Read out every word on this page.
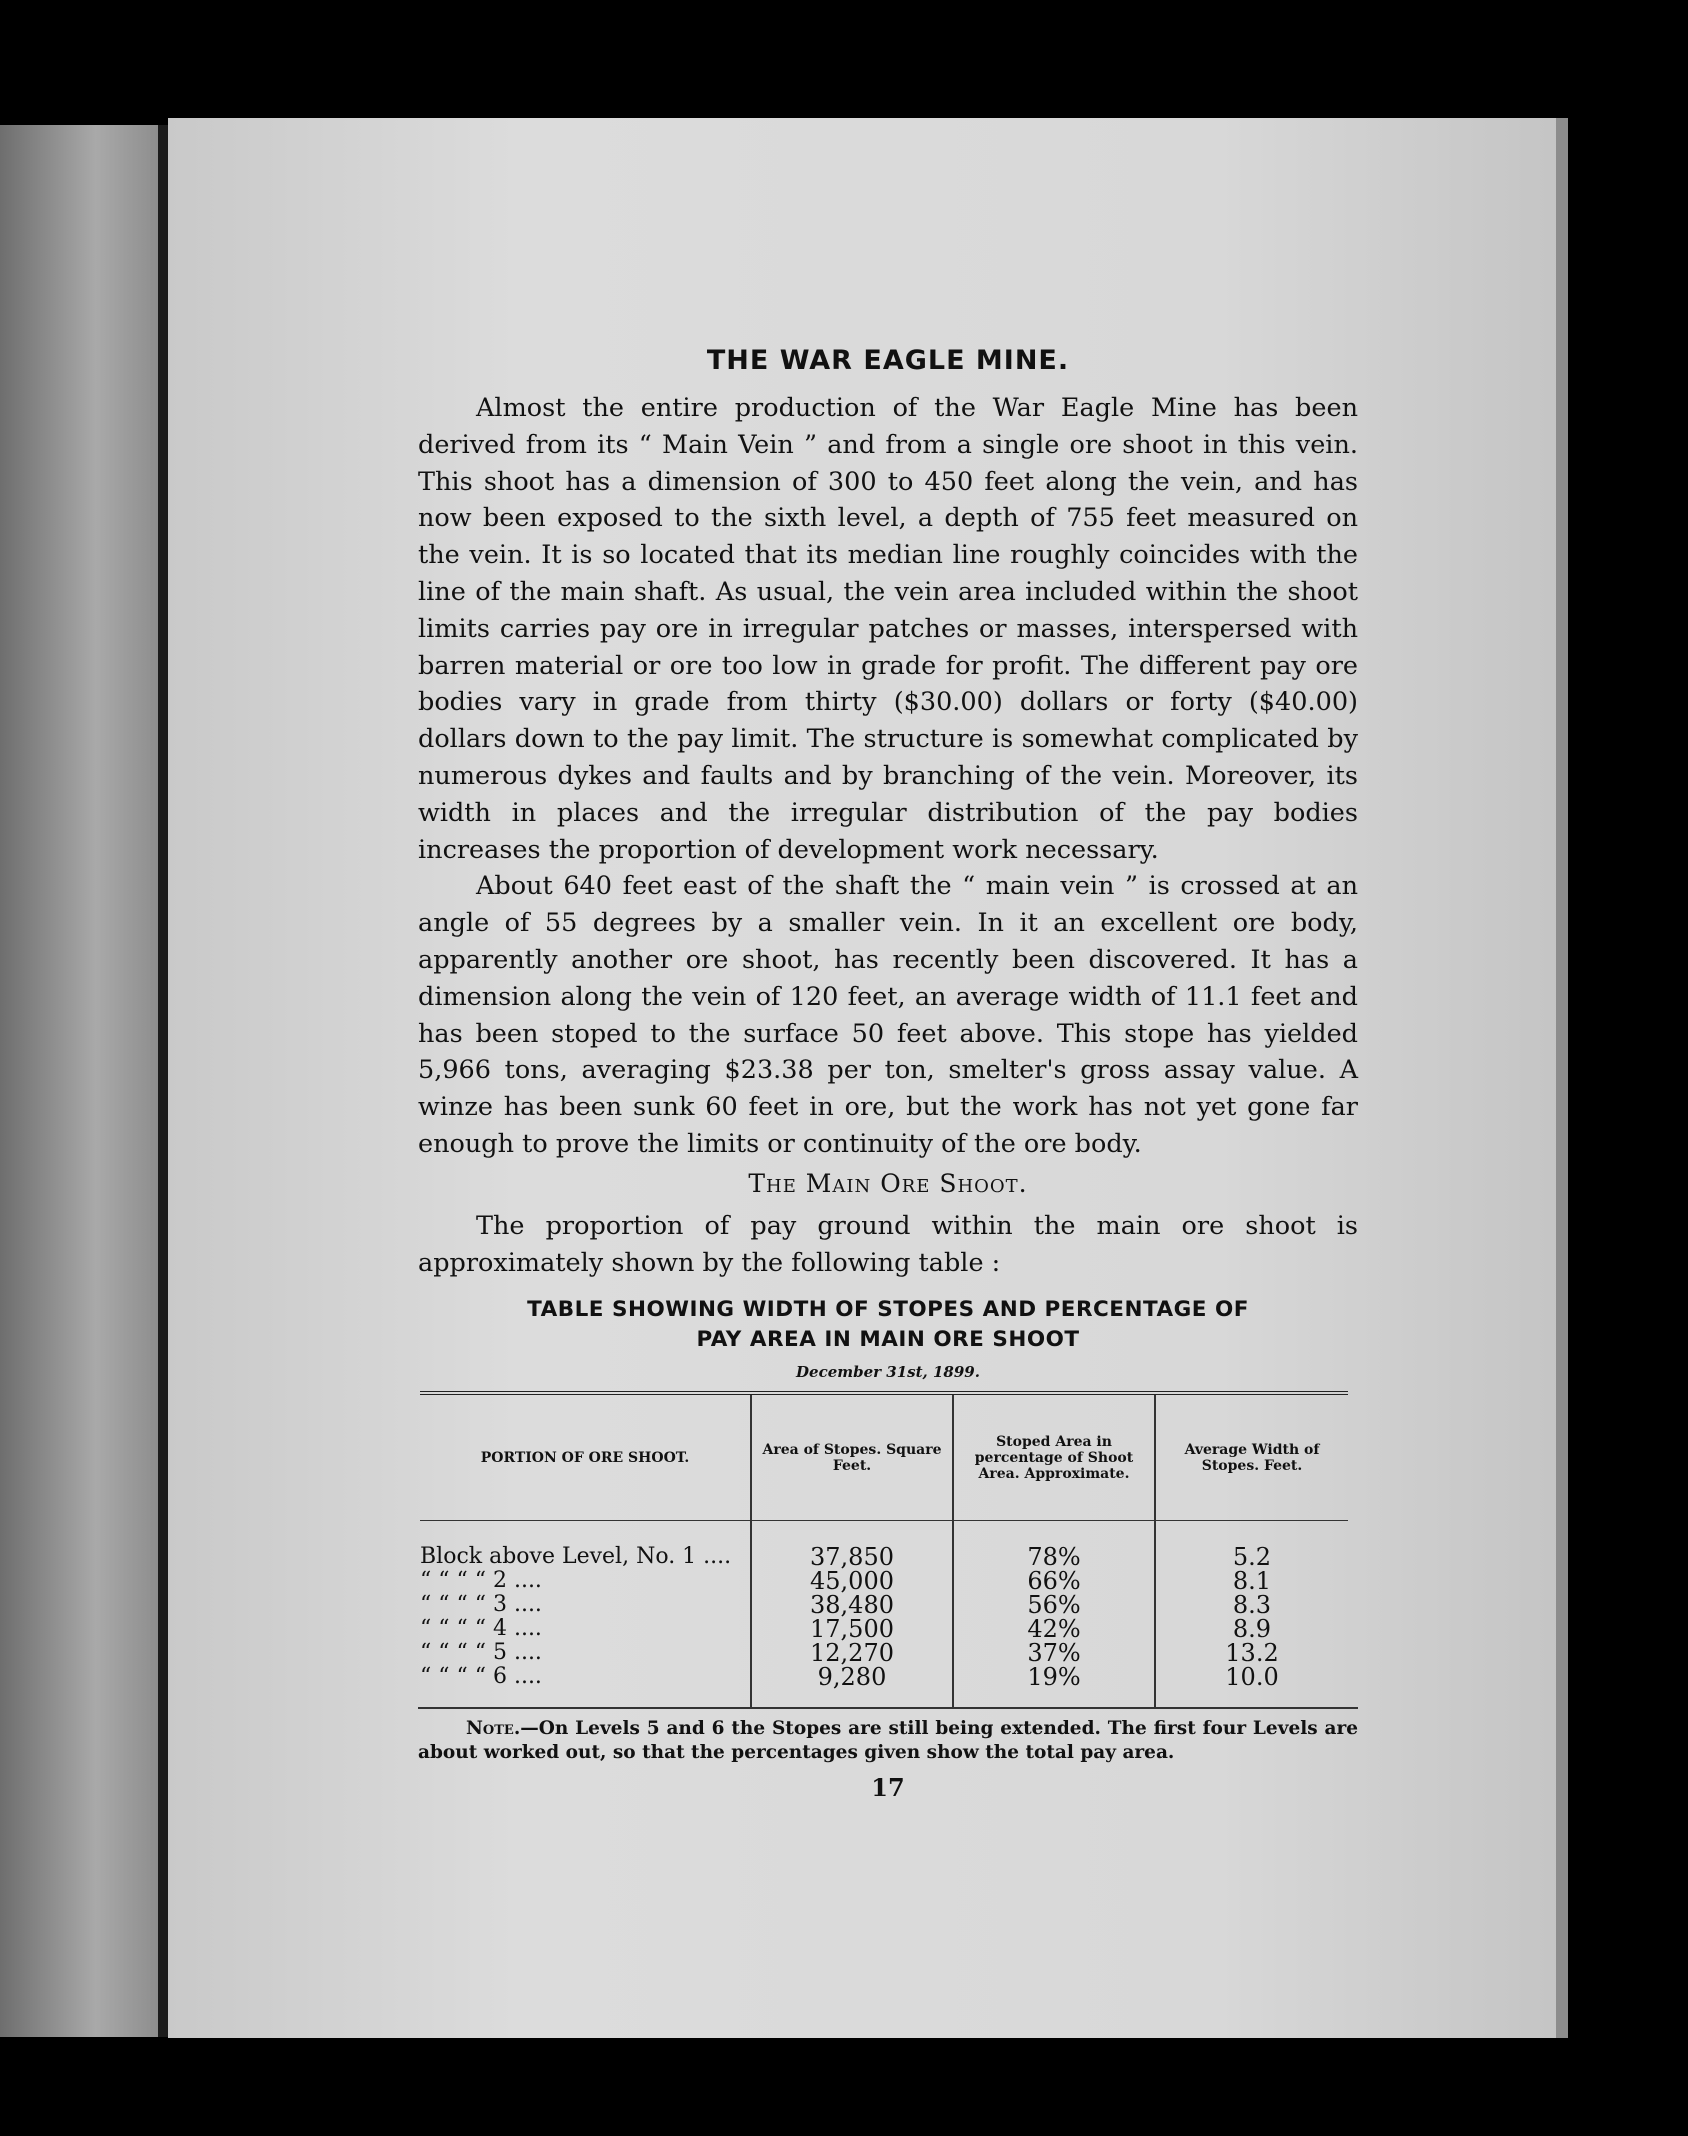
THE WAR EAGLE MINE.

Almost the entire production of the War Eagle Mine has been derived from its “ Main Vein ” and from a single ore shoot in this vein. This shoot has a dimension of 300 to 450 feet along the vein, and has now been exposed to the sixth level, a depth of 755 feet measured on the vein. It is so located that its median line roughly coincides with the line of the main shaft. As usual, the vein area included within the shoot limits carries pay ore in irregular patches or masses, interspersed with barren material or ore too low in grade for profit. The different pay ore bodies vary in grade from thirty ($30.00) dollars or forty ($40.00) dollars down to the pay limit. The structure is somewhat complicated by numerous dykes and faults and by branching of the vein. Moreover, its width in places and the irregular distribution of the pay bodies increases the proportion of development work necessary.

About 640 feet east of the shaft the “ main vein ” is crossed at an angle of 55 degrees by a smaller vein. In it an excellent ore body, apparently another ore shoot, has recently been discovered. It has a dimension along the vein of 120 feet, an average width of 11.1 feet and has been stoped to the surface 50 feet above. This stope has yielded 5,966 tons, averaging $23.38 per ton, smelter's gross assay value. A winze has been sunk 60 feet in ore, but the work has not yet gone far enough to prove the limits or continuity of the ore body.

The Main Ore Shoot.

The proportion of pay ground within the main ore shoot is approximately shown by the following table :

TABLE SHOWING WIDTH OF STOPES AND PERCENTAGE OF
PAY AREA IN MAIN ORE SHOOT
December 31st, 1899.
PORTION OF ORE SHOOT.	Area of Stopes. Square Feet.	Stoped Area in percentage of Shoot Area. Approximate.	Average Width of Stopes. Feet.
Block above Level, No. 1 ....	37,850	78%	5.2
“ “ “ “ 2 ....	45,000	66%	8.1
“ “ “ “ 3 ....	38,480	56%	8.3
“ “ “ “ 4 ....	17,500	42%	8.9
“ “ “ “ 5 ....	12,270	37%	13.2
“ “ “ “ 6 ....	9,280	19%	10.0

Note.—On Levels 5 and 6 the Stopes are still being extended. The first four Levels are about worked out, so that the percentages given show the total pay area.

17
